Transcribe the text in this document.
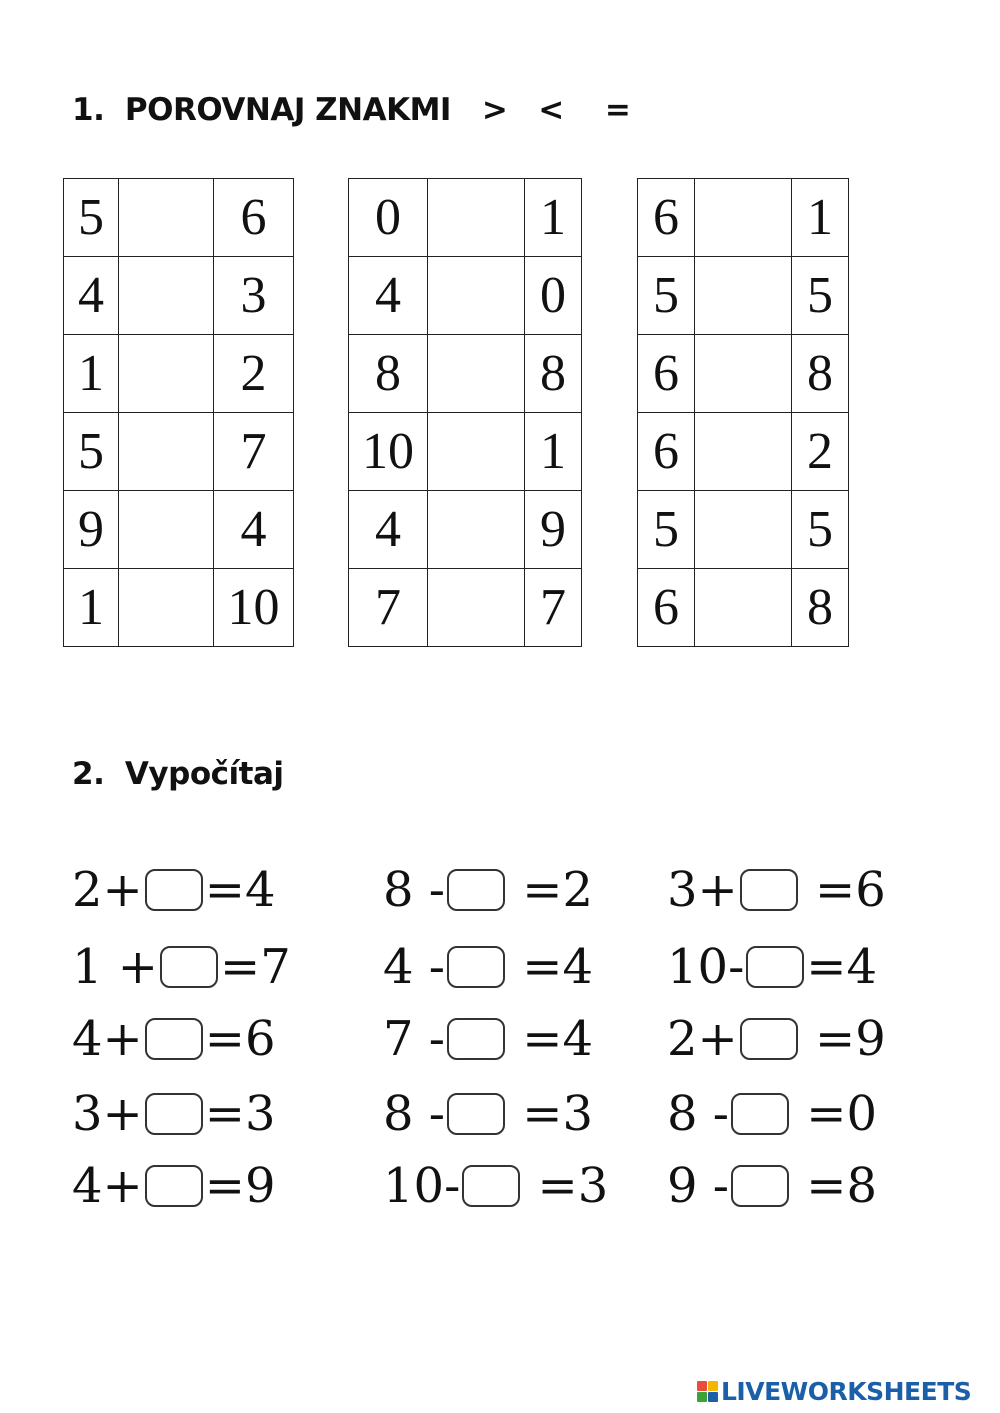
1.  POROVNAJ ZNAKMI   >   <    =
5		6
4		3
1		2
5		7
9		4
1		10
0		1
4		0
8		8
10		1
4		9
7		7
6		1
5		5
6		8
6		2
5		5
6		8
2.  Vypočítaj
2+ =4
1 + =7
4+ =6
3+ =3
4+ =9
8 - =2
4 - =4
7 - =4
8 - =3
10- =3
3+ =6
10- =4
2+ =9
8 - =0
9 - =8
LIVEWORKSHEETS
